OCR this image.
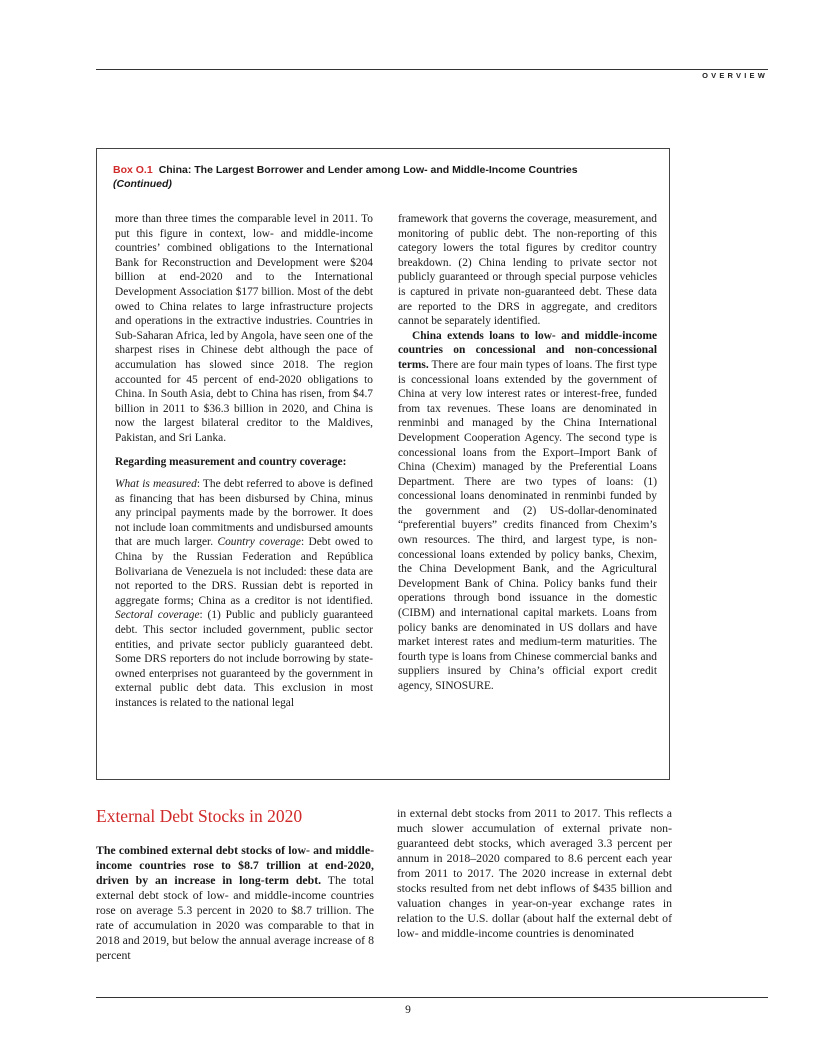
OVERVIEW
Box O.1 China: The Largest Borrower and Lender among Low- and Middle-Income Countries
(Continued)

more than three times the comparable level in 2011. To put this figure in context, low- and middle-income countries’ combined obligations to the International Bank for Reconstruction and Development were $204 billion at end-2020 and to the International Development Association $177 billion. Most of the debt owed to China relates to large infrastructure projects and operations in the extractive industries. Countries in Sub-Saharan Africa, led by Angola, have seen one of the sharpest rises in Chinese debt although the pace of accumulation has slowed since 2018. The region accounted for 45 percent of end-2020 obligations to China. In South Asia, debt to China has risen, from $4.7 billion in 2011 to $36.3 billion in 2020, and China is now the largest bilateral creditor to the Maldives, Pakistan, and Sri Lanka.

Regarding measurement and country coverage:

What is measured: The debt referred to above is defined as financing that has been disbursed by China, minus any principal payments made by the borrower. It does not include loan commitments and undisbursed amounts that are much larger. Country coverage: Debt owed to China by the Russian Federation and República Bolivariana de Venezuela is not included: these data are not reported to the DRS. Russian debt is reported in aggregate forms; China as a creditor is not identified. Sectoral coverage: (1) Public and publicly guaranteed debt. This sector included government, public sector entities, and private sector publicly guaranteed debt. Some DRS reporters do not include borrowing by state-owned enterprises not guaranteed by the government in external public debt data. This exclusion in most instances is related to the national legal

framework that governs the coverage, measurement, and monitoring of public debt. The non-reporting of this category lowers the total figures by creditor country breakdown. (2) China lending to private sector not publicly guaranteed or through special purpose vehicles is captured in private non-guaranteed debt. These data are reported to the DRS in aggregate, and creditors cannot be separately identified.

China extends loans to low- and middle-income countries on concessional and non-concessional terms. There are four main types of loans. The first type is concessional loans extended by the government of China at very low interest rates or interest-free, funded from tax revenues. These loans are denominated in renminbi and managed by the China International Development Cooperation Agency. The second type is concessional loans from the Export–Import Bank of China (Chexim) managed by the Preferential Loans Department. There are two types of loans: (1) concessional loans denominated in renminbi funded by the government and (2) US-dollar-denominated “preferential buyers” credits financed from Chexim’s own resources. The third, and largest type, is non-concessional loans extended by policy banks, Chexim, the China Development Bank, and the Agricultural Development Bank of China. Policy banks fund their operations through bond issuance in the domestic (CIBM) and international capital markets. Loans from policy banks are denominated in US dollars and have market interest rates and medium-term maturities. The fourth type is loans from Chinese commercial banks and suppliers insured by China’s official export credit agency, SINOSURE.

External Debt Stocks in 2020

The combined external debt stocks of low- and middle-income countries rose to $8.7 trillion at end-2020, driven by an increase in long-term debt. The total external debt stock of low- and middle-income countries rose on average 5.3 percent in 2020 to $8.7 trillion. The rate of accumulation in 2020 was comparable to that in 2018 and 2019, but below the annual average increase of 8 percent

in external debt stocks from 2011 to 2017. This reflects a much slower accumulation of external private non-guaranteed debt stocks, which averaged 3.3 percent per annum in 2018–2020 compared to 8.6 percent each year from 2011 to 2017. The 2020 increase in external debt stocks resulted from net debt inflows of $435 billion and valuation changes in year-on-year exchange rates in relation to the U.S. dollar (about half the external debt of low- and middle-income countries is denominated

9
